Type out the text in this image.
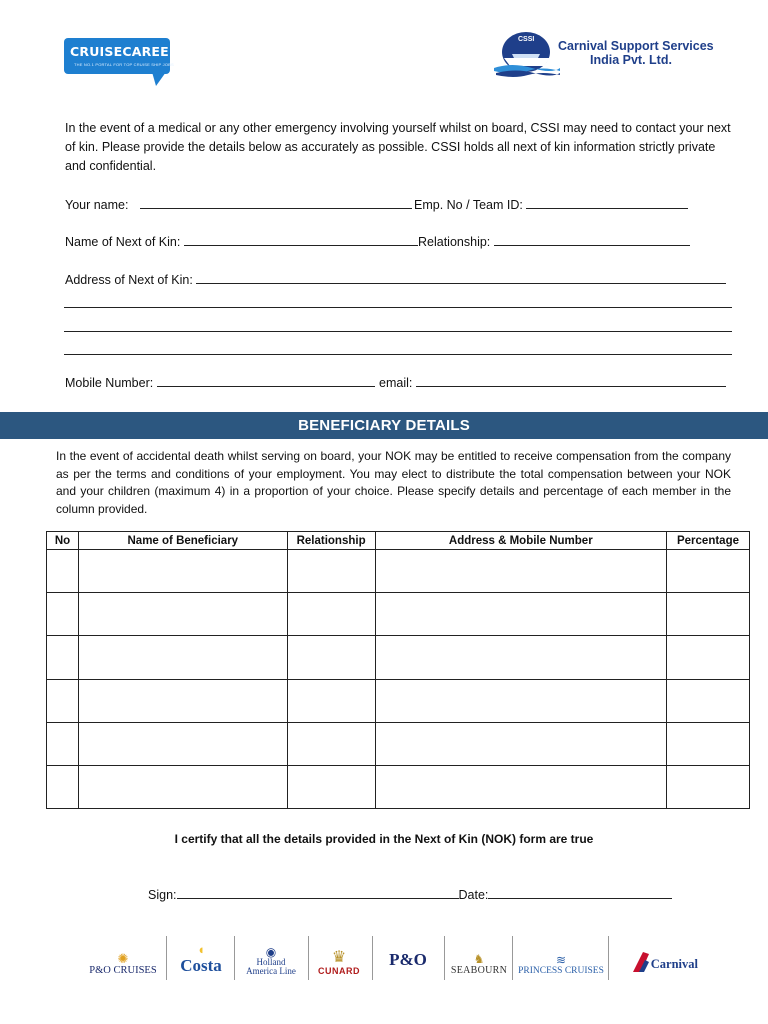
CRUISECAREERS.IN
THE NO.1 PORTAL FOR TOP CRUISE SHIP JOBS
CSSI Carnival Support Services
India Pvt. Ltd.

In the event of a medical or any other emergency involving yourself whilst on board, CSSI may need to contact your next of kin. Please provide the details below as accurately as possible. CSSI holds all next of kin information strictly private and confidential.

Your name:	Emp. No / Team ID:
Name of Next of Kin:	Relationship:
Address of Next of Kin:
Mobile Number:	email:
BENEFICIARY DETAILS

In the event of accidental death whilst serving on board, your NOK may be entitled to receive compensation from the company as per the terms and conditions of your employment. You may elect to distribute the total compensation between your NOK and your children (maximum 4) in a proportion of your choice. Please specify details and percentage of each member in the column provided.

No	Name of Beneficiary	Relationship	Address & Mobile Number	Percentage

I certify that all the details provided in the Next of Kin (NOK) form are true

Sign:	Date:
✺
P&O CRUISES
◖
Costa
◉
Holland America Line
♛
CUNARD
P&O	♞
SEABOURN
≋
PRINCESS CRUISES	Carnival
